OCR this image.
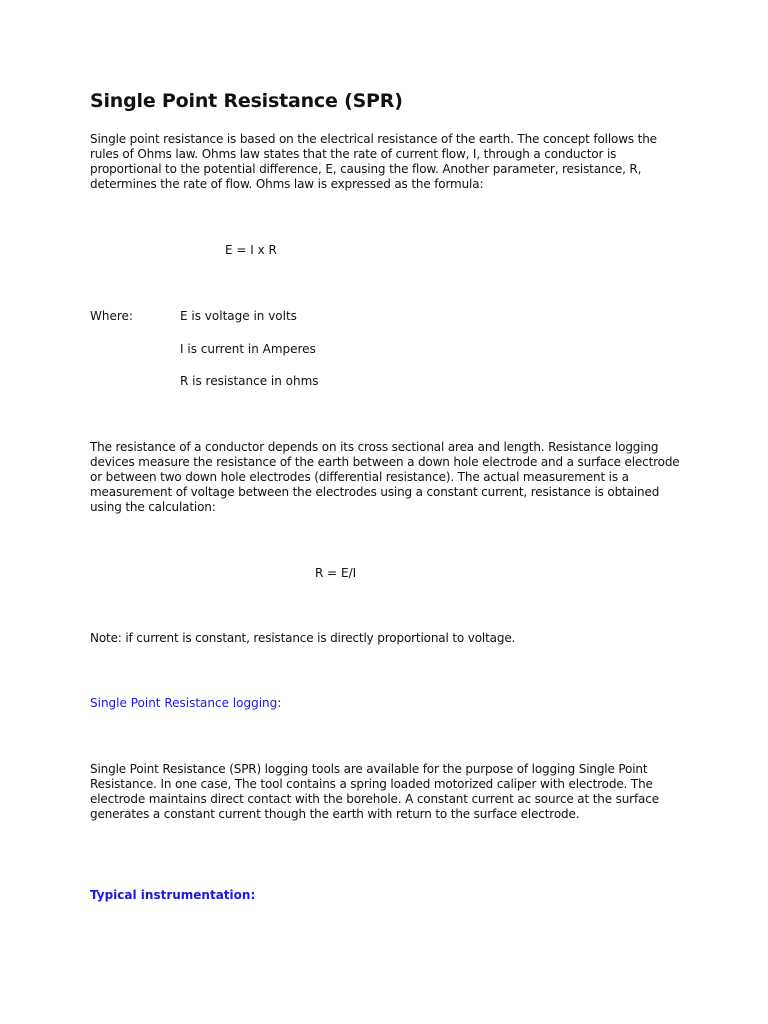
Single Point Resistance (SPR)

Single point resistance is based on the electrical resistance of the earth. The concept follows the rules of Ohms law. Ohms law states that the rate of current flow, I, through a conductor is proportional to the potential difference, E, causing the flow. Another parameter, resistance, R, determines the rate of flow. Ohms law is expressed as the formula:

E = I x R
Where:	E is voltage in volts
I is current in Amperes
R is resistance in ohms

The resistance of a conductor depends on its cross sectional area and length. Resistance logging devices measure the resistance of the earth between a down hole electrode and a surface electrode or between two down hole electrodes (differential resistance). The actual measurement is a measurement of voltage between the electrodes using a constant current, resistance is obtained using the calculation:

R = E/I

Note: if current is constant, resistance is directly proportional to voltage.

Single Point Resistance logging:

Single Point Resistance (SPR) logging tools are available for the purpose of logging Single Point Resistance. In one case, The tool contains a spring loaded motorized caliper with electrode. The electrode maintains direct contact with the borehole. A constant current ac source at the surface generates a constant current though the earth with return to the surface electrode.

Typical instrumentation:
